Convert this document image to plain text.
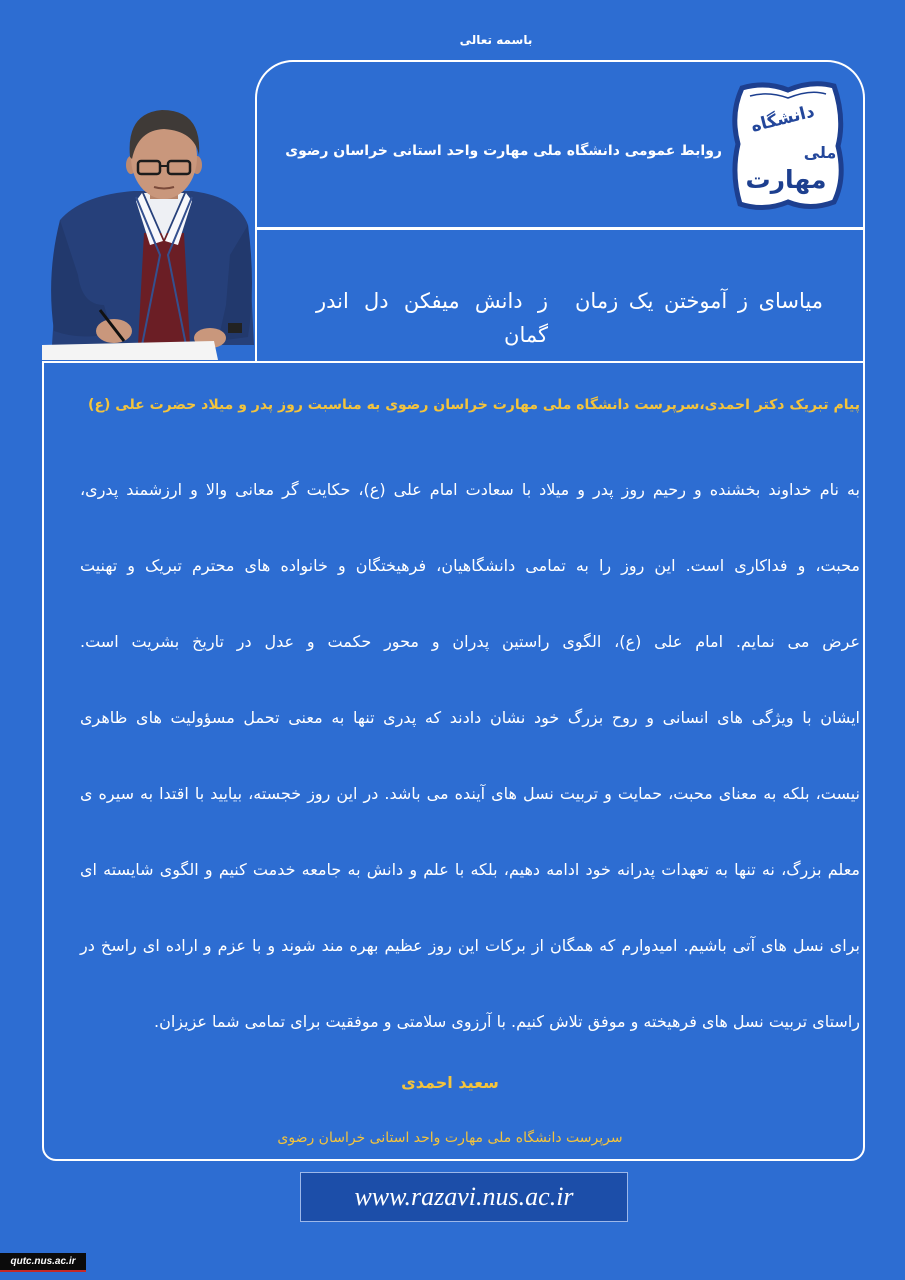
باسمه تعالی
دانشگاه
ملی
مهارت
روابط عمومی دانشگاه ملی مهارت واحد استانی خراسان رضوی
میاسای ز آموختن یک زمان
ز دانش میفکن دل اندر گمان
پیام تبریک دکتر احمدی،سرپرست دانشگاه ملی مهارت خراسان رضوی به مناسبت روز پدر و میلاد حضرت علی (ع)

به نام خداوند بخشنده و رحیم روز پدر و میلاد با سعادت امام علی (ع)، حکایت گر معانی والا و ارزشمند پدری،

محبت، و فداکاری است. این روز را به تمامی دانشگاهیان، فرهیختگان و خانواده های محترم تبریک و تهنیت

عرض می نمایم. امام علی (ع)، الگوی راستین پدران و محور حکمت و عدل در تاریخ بشریت است.

ایشان با ویژگی های انسانی و روح بزرگ خود نشان دادند که پدری تنها به معنی تحمل مسؤولیت های ظاهری

نیست، بلکه به معنای محبت، حمایت و تربیت نسل های آینده می باشد. در این روز خجسته، بیایید با اقتدا به سیره ی

معلم بزرگ، نه تنها به تعهدات پدرانه خود ادامه دهیم، بلکه با علم و دانش به جامعه خدمت کنیم و الگوی شایسته ای

برای نسل های آتی باشیم. امیدوارم که همگان از برکات این روز عظیم بهره مند شوند و با عزم و اراده ای راسخ در

راستای تربیت نسل های فرهیخته و موفق تلاش کنیم. با آرزوی سلامتی و موفقیت برای تمامی شما عزیزان.

سعید احمدی
سرپرست دانشگاه ملی مهارت واحد استانی خراسان رضوی
www.razavi.nus.ac.ir
qutc.nus.ac.ir
